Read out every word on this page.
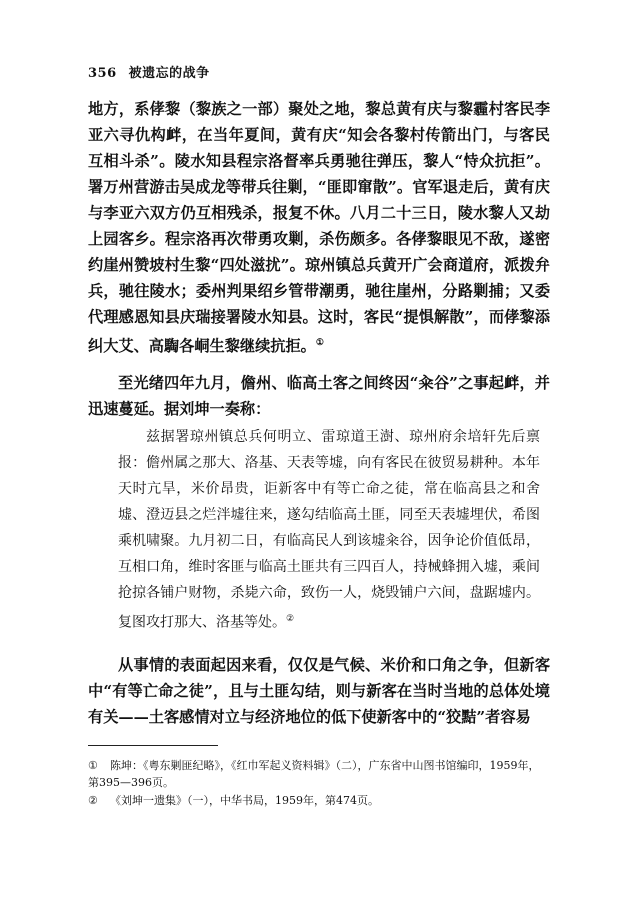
356 被遗忘的战争

地方，系侾黎（黎族之一部）聚处之地，黎总黄有庆与黎霾村客民李亚六寻仇构衅，在当年夏间，黄有庆“知会各黎村传箭出门，与客民互相斗杀”。陵水知县程宗洛督率兵勇驰往弹压，黎人“恃众抗拒”。署万州营游击吴成龙等带兵往剿，“匪即窜散”。官军退走后，黄有庆与李亚六双方仍互相残杀，报复不休。八月二十三日，陵水黎人又劫上园客乡。程宗洛再次带勇攻剿，杀伤颇多。各侾黎眼见不敌，遂密约崖州赞坡村生黎“四处滋扰”。琼州镇总兵黄开广会商道府，派拨弁兵，驰往陵水；委州判果绍乡管带潮勇，驰往崖州，分路剿捕；又委代理感恩知县庆瑞接署陵水知县。这时，客民“提惧解散”，而侾黎添纠大艾、高騊各峒生黎继续抗拒。①

至光绪四年九月，儋州、临高土客之间终因“籴谷”之事起衅，并迅速蔓延。据刘坤一奏称：

兹据署琼州镇总兵何明立、雷琼道王澍、琼州府余培轩先后禀报：儋州属之那大、洛基、天表等墟，向有客民在彼贸易耕种。本年天时亢旱，米价昂贵，讵新客中有等亡命之徒，常在临高县之和舍墟、澄迈县之烂泮墟往来，遂勾结临高土匪，同至天表墟埋伏，希图乘机啸聚。九月初二日，有临高民人到该墟籴谷，因争论价值低昂，互相口角，维时客匪与临高土匪共有三四百人，持械蜂拥入墟，乘间抢掠各铺户财物，杀毙六命，致伤一人，烧毁铺户六间，盘踞墟内。复图攻打那大、洛基等处。②

从事情的表面起因来看，仅仅是气候、米价和口角之争，但新客中“有等亡命之徒”，且与土匪勾结，则与新客在当时当地的总体处境有关——土客感情对立与经济地位的低下使新客中的“狡黠”者容易

① 陈坤：《粤东剿匪纪略》，《红巾军起义资料辑》（二），广东省中山图书馆编印，1959年，第395—396页。

② 《刘坤一遗集》（一），中华书局，1959年，第474页。
